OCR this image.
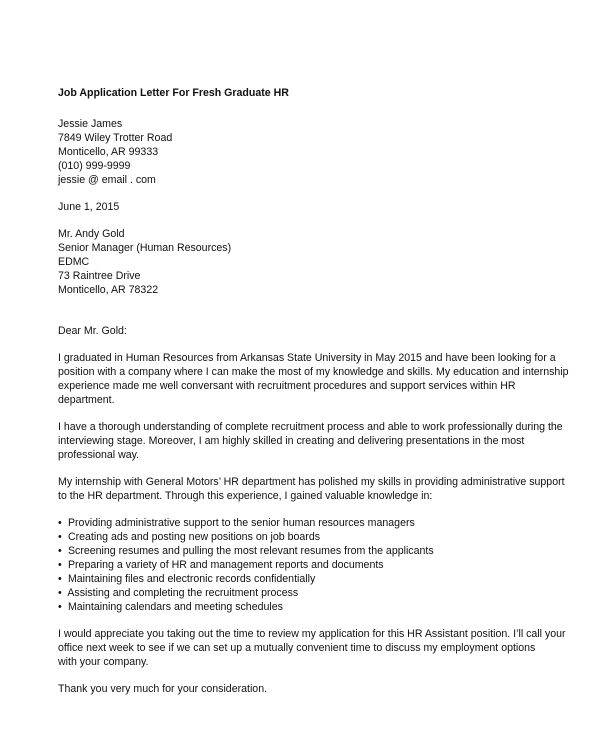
Job Application Letter For Fresh Graduate HR
Jessie James
7849 Wiley Trotter Road
Monticello, AR 99333
(010) 999-9999
jessie @ email . com
June 1, 2015
Mr. Andy Gold
Senior Manager (Human Resources)
EDMC
73 Raintree Drive
Monticello, AR 78322
Dear Mr. Gold:

I graduated in Human Resources from Arkansas State University in May 2015 and have been looking for a
position with a company where I can make the most of my knowledge and skills. My education and internship
experience made me well conversant with recruitment procedures and support services within HR
department.

I have a thorough understanding of complete recruitment process and able to work professionally during the
interviewing stage. Moreover, I am highly skilled in creating and delivering presentations in the most
professional way.

My internship with General Motors’ HR department has polished my skills in providing administrative support
to the HR department. Through this experience, I gained valuable knowledge in:

• Providing administrative support to the senior human resources managers
• Creating ads and posting new positions on job boards
• Screening resumes and pulling the most relevant resumes from the applicants
• Preparing a variety of HR and management reports and documents
• Maintaining files and electronic records confidentially
• Assisting and completing the recruitment process
• Maintaining calendars and meeting schedules

I would appreciate you taking out the time to review my application for this HR Assistant position. I’ll call your
office next week to see if we can set up a mutually convenient time to discuss my employment options
with your company.

Thank you very much for your consideration.
